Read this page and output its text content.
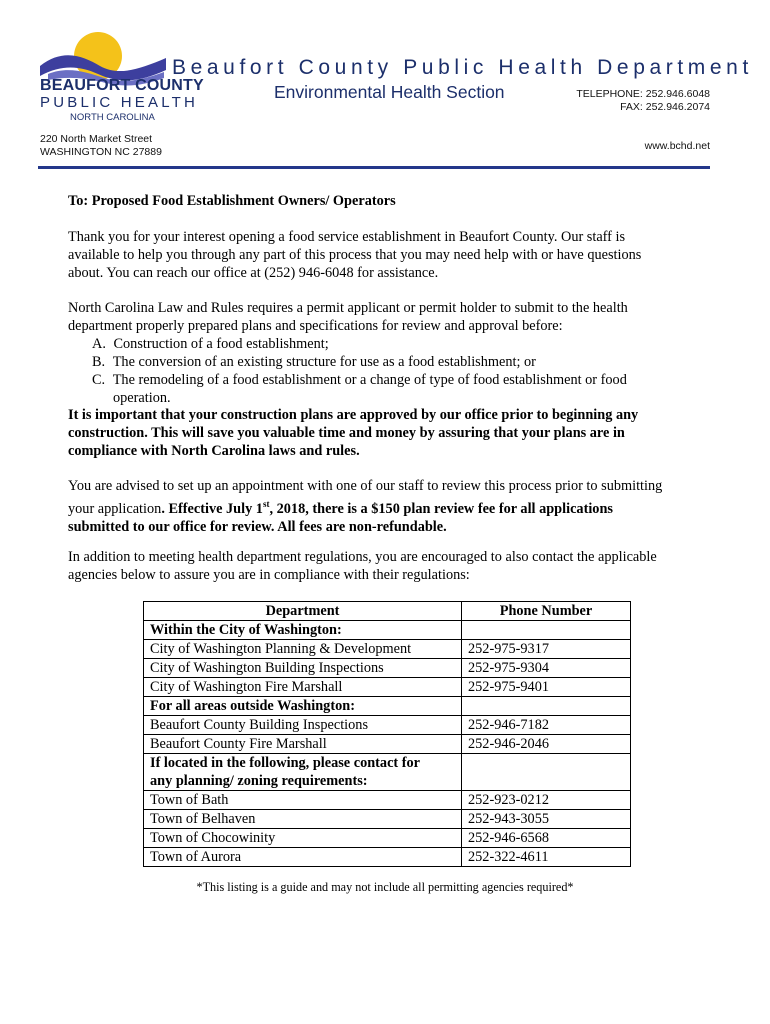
BEAUFORT COUNTY
PUBLIC HEALTH
NORTH CAROLINA
Beaufort County Public Health Department
Environmental Health Section	TELEPHONE: 252.946.6048
FAX: 252.946.2074
www.bchd.net
220 North Market Street
WASHINGTON NC 27889
To: Proposed Food Establishment Owners/ Operators
Thank you for your interest opening a food service establishment in Beaufort County. Our staff is
available to help you through any part of this process that you may need help with or have questions
about. You can reach our office at (252) 946-6048 for assistance.
North Carolina Law and Rules requires a permit applicant or permit holder to submit to the health
department properly prepared plans and specifications for review and approval before:
A. Construction of a food establishment;
B. The conversion of an existing structure for use as a food establishment; or
C. The remodeling of a food establishment or a change of type of food establishment or food
operation.
It is important that your construction plans are approved by our office prior to beginning any
construction. This will save you valuable time and money by assuring that your plans are in
compliance with North Carolina laws and rules.
You are advised to set up an appointment with one of our staff to review this process prior to submitting
your application. Effective July 1st, 2018, there is a $150 plan review fee for all applications
submitted to our office for review. All fees are non-refundable.
In addition to meeting health department regulations, you are encouraged to also contact the applicable
agencies below to assure you are in compliance with their regulations:
Department	Phone Number
Within the City of Washington:	
City of Washington Planning & Development	252-975-9317
City of Washington Building Inspections	252-975-9304
City of Washington Fire Marshall	252-975-9401
For all areas outside Washington:	
Beaufort County Building Inspections	252-946-7182
Beaufort County Fire Marshall	252-946-2046

If located in the following, please contact for
any planning/ zoning requirements:	

Town of Bath	252-923-0212
Town of Belhaven	252-943-3055
Town of Chocowinity	252-946-6568
Town of Aurora	252-322-4611
*This listing is a guide and may not include all permitting agencies required*
